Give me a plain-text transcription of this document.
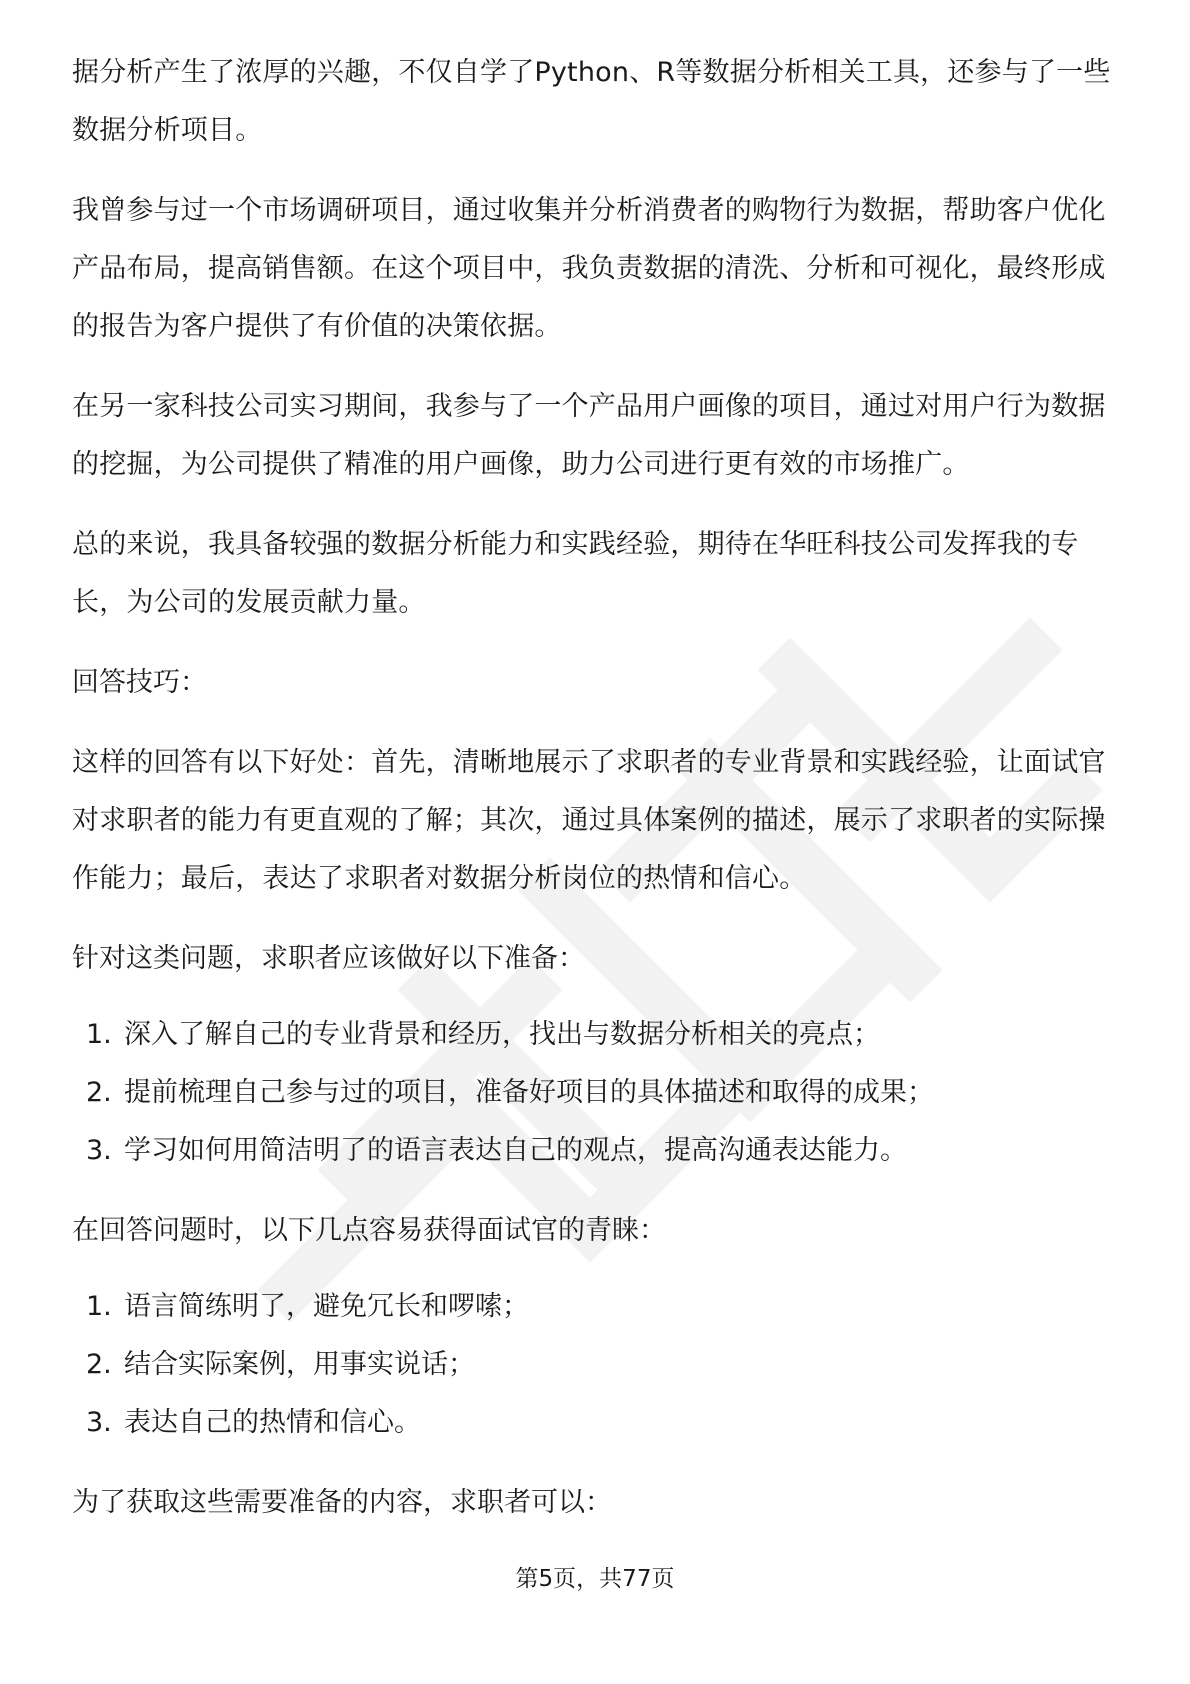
据分析产生了浓厚的兴趣，不仅自学了Python、R等数据分析相关工具，还参与了一些数据分析项目。

我曾参与过一个市场调研项目，通过收集并分析消费者的购物行为数据，帮助客户优化产品布局，提高销售额。在这个项目中，我负责数据的清洗、分析和可视化，最终形成的报告为客户提供了有价值的决策依据。

在另一家科技公司实习期间，我参与了一个产品用户画像的项目，通过对用户行为数据的挖掘，为公司提供了精准的用户画像，助力公司进行更有效的市场推广。

总的来说，我具备较强的数据分析能力和实践经验，期待在华旺科技公司发挥我的专长，为公司的发展贡献力量。

回答技巧：

这样的回答有以下好处：首先，清晰地展示了求职者的专业背景和实践经验，让面试官对求职者的能力有更直观的了解；其次，通过具体案例的描述，展示了求职者的实际操作能力；最后，表达了求职者对数据分析岗位的热情和信心。

针对这类问题，求职者应该做好以下准备：

1. 深入了解自己的专业背景和经历，找出与数据分析相关的亮点；
2. 提前梳理自己参与过的项目，准备好项目的具体描述和取得的成果；
3. 学习如何用简洁明了的语言表达自己的观点，提高沟通表达能力。

在回答问题时，以下几点容易获得面试官的青睐：

1. 语言简练明了，避免冗长和啰嗦；
2. 结合实际案例，用事实说话；
3. 表达自己的热情和信心。

为了获取这些需要准备的内容，求职者可以：

第5页，共77页
